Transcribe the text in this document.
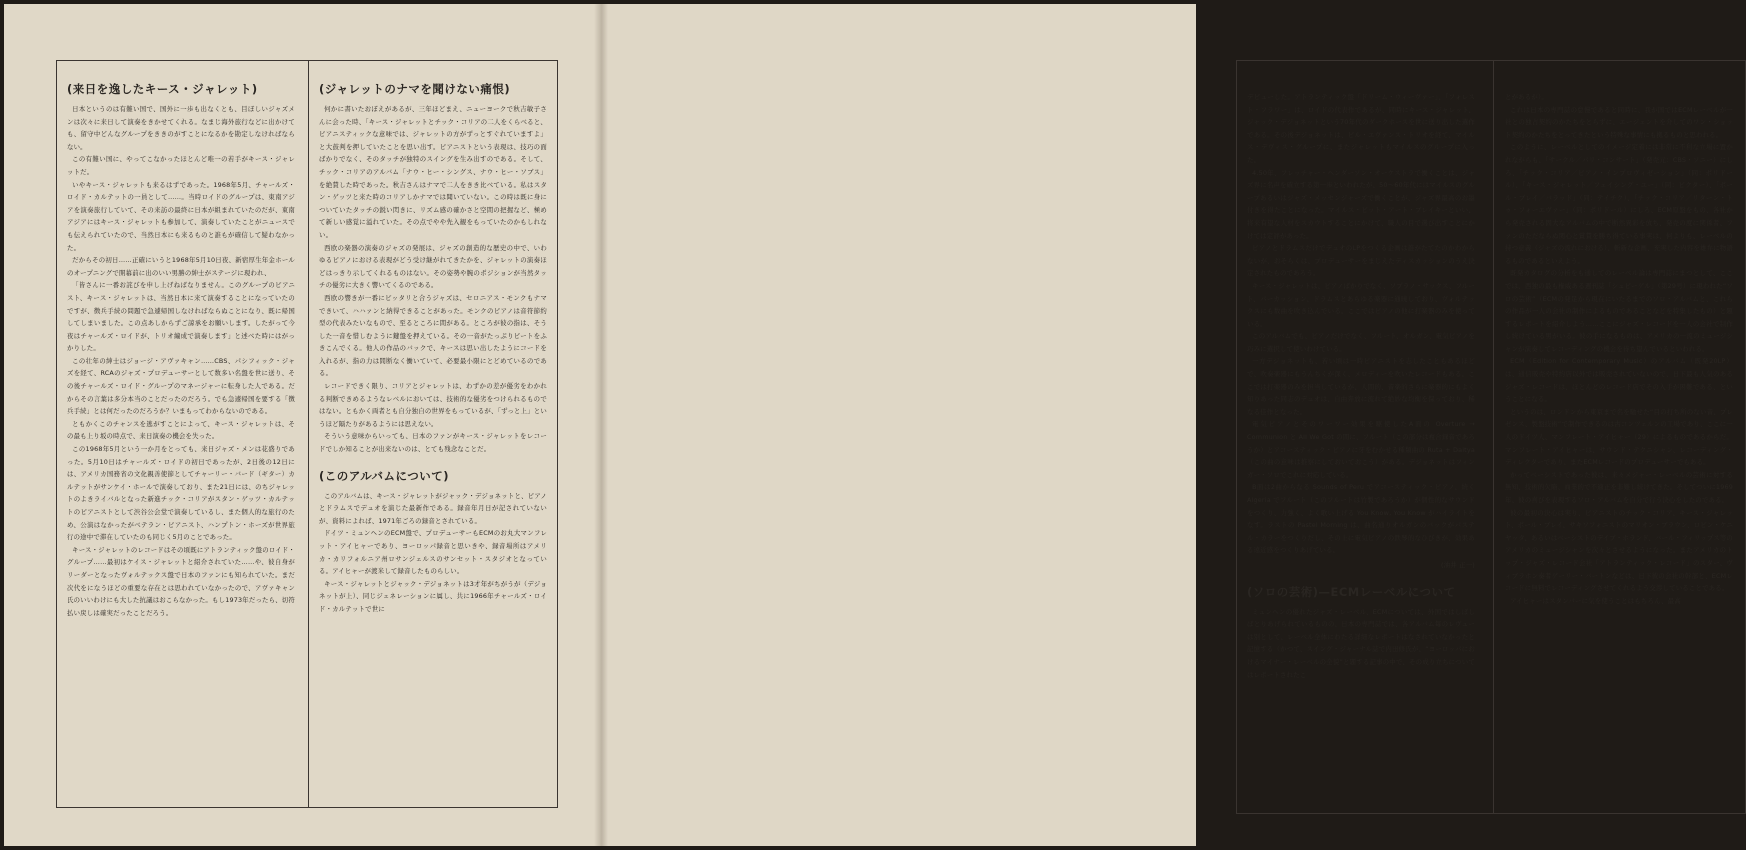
(来日を逸したキース・ジャレット)

日本というのは有難い国で、国外に一歩も出なくとも、目ぼしいジャズメンは次々に来日して演奏をきかせてくれる。なまじ海外旅行などに出かけても、留守中どんなグループをききのがすことになるかを勘定しなければならない。

この有難い国に、やってこなかったほとんど唯一の若手がキース・ジャレットだ。

いやキース・ジャレットも来るはずであった。1968年5月、チャールズ・ロイド・カルテットの一員として……。当時ロイドのグループは、東南アジアを演奏旅行していて、その来訪の最終に日本が組まれていたのだが、東南アジアにはキース・ジャレットも参加して、演奏していたことがニュースでも伝えられていたので、当然日本にも来るものと誰もが確信して疑わなかった。

だからその初日……正確にいうと1968年5月10日夜、新宿厚生年金ホールのオープニングで開幕前に出のいい男勝の紳士がステージに現われ、

「皆さんに一番お詫びを申し上げねばなりません。このグループのピアニスト、キース・ジャレットは、当然日本に来て演奏することになっていたのですが、徴兵手続の問題で急遽帰国しなければならぬことになり、既に帰国してしまいました。この点あしからずご諒承をお願いします。したがって今夜はチャールズ・ロイドが、トリオ編成で演奏します」と述べた時にはがっかりした。

この壮年の紳士はジョージ・アヴァキャン……CBS、パシフィック・ジャズを経て、RCAのジャズ・プロデューサーとして数多い名盤を世に送り、その後チャールズ・ロイド・グループのマネージャーに転身した人である。だからその言葉は多分本当のことだったのだろう。でも急遽帰国を要する「徴兵手続」とは何だったのだろうか？いまもってわからないのである。

ともかくこのチャンスを逃がすことによって、キース・ジャレットは、その最も上り坂の時点で、来日演奏の機会を失った。

この1968年5月という一か月をとっても、来日ジャズ・メンは花盛りであった。5月10日はチャールズ・ロイドの初日であったが、2日後の12日には、アメリカ国務省の文化親善使節としてチャーリー・バード（ギター）カルテットがサンケイ・ホールで演奏しており、また21日には、のちジャレットのよきライバルとなった新進チック・コリアがスタン・ゲッツ・カルテットのピアニストとして渋谷公会堂で演奏しているし、また個人的な旅行のため、公演はなかったがベテラン・ピアニスト、ハンプトン・ホーズが世界旅行の途中で滞在していたのも同じく5月のことであった。

キース・ジャレットのレコードはその頃既にアトランティック盤のロイド・グループ……最初はケイス・ジャレットと紹介されていた……や、彼自身がリーダーとなったヴォルテックス盤で日本のファンにも知られていた。まだ次代をになうほどの重要な存在とは思われていなかったので、アヴァキャン氏のいいわけにも大した抗議はおこらなかった。もし1973年だったら、切符払い戻しは確実だったことだろう。

(ジャレットのナマを聞けない痛恨)

何かに書いたおぼえがあるが、三年ほどまえ、ニューヨークで秋吉敏子さんに会った時、「キース・ジャレットとチック・コリアの二人をくらべると、ピアニスティックな意味では、ジャレットの方がずっとすぐれていますよ」と大鼓判を押していたことを思い出す。ピアニストという表現は、技巧の面ばかりでなく、そのタッチが独特のスイングを生み出すのである。そして、チック・コリアのアルバム「ナウ・ヒー・シングス、ナウ・ヒー・ソブス」を絶賛した時であった。秋吉さんはナマで二人をきき比べている。私はスタン・ゲッツと来た時のコリアしかナマでは聞いていない。この時は既に身についていたタッチの鋭い閃きに、リズム感の確かさと空間の把握など、極めて新しい感覚に溢れていた。その点でやや先入観をもっていたのかもしれない。

西欧の楽器の演奏のジャズの発展は、ジャズの創造的な歴史の中で、いわゆるピアノにおける表現がどう受け継がれてきたかを、ジャレットの演奏ほどはっきり示してくれるものはない。その姿勢や腕のポジションが当然タッチの優劣に大きく響いてくるのである。

西欧の響きが一番にピッタリと合うジャズは、セロニアス・モンクもナマできいて、ハハァンと納得できることがあった。モンクのピアノは音符節約型の代表みたいなもので、至るところに間がある。ところが彼の指は、そうした一音を惜しむように鍵盤を押えている。その一音がたっぷりビートをふきこんでくる。他人の作品のバックで、キースは思い出したようにコードを入れるが、指の力は間断なく働いていて、必要最小限にとどめているのである。

レコードできく限り、コリアとジャレットは、わずかの差が優劣をわかれる判断できめるようなレベルにおいては、技術的な優劣をつけられるものではない。ともかく両者とも自分独自の世界をもっているが、「ずっと上」というほど隔たりがあるようには思えない。

そういう意味からいっても、日本のファンがキース・ジャレットをレコードでしか知ることが出来ないのは、とても残念なことだ。

(このアルバムについて)

このアルバムは、キース・ジャレットがジャック・デジョネットと、ピアノとドラムスでデュオを演じた最新作である。録音年月日が記されていないが、資料によれば、1971年ごろの録音とされている。

ドイツ・ミュンヘンのECM盤で、プロデューサーもECMのお丸大マンフレット・アイヒャーであり、ヨーロッパ録音と思いきや、録音場所はアメリカ・カリフォルニア州ロサンジェルスのサンセット・スタジオとなっている。アイヒャーが渡米して録音したものらしい。

キース・ジャレットとジャック・デジョネットは3才年がちがうが（デジョネットが上）、同じジェネレーションに属し、共に1966年チャールズ・ロイド・カルテットで世に

デビューした。アトランティック盤「ドリーム・ウィーヴァー」、「フォレスト・フラワー」は、ロイドの代表作であるが、同時にキース・ジャレット、ジャック・デジョネットという70年代のダークホースを世に送り出した選作である。その後デジョネットは、ビル・エヴァンス・トリオを経て、マイルス・デヴィス・グループに、またジャレットもマイルスのグループに入った。

4.50年、フレッチャー・ヘンダーソン・オーケストラで働くことは、ジャズ界に名声を確立する第一歩といわれたが、50〜60年代にはマイルスのグループあるいはジャズ・メッセンジャーズで働くことが、ジャズ界最高のお墨付きを得たことになった。マイルス・ビット・アート・ブレイキーといい、将来有望な人材をスカウトすることにかけて、職人の目で選び出すことにかけては定評があった。

ピアノとドラムスだけでデュオのLPをつくる企画は誰がたてたのかわからないが、おそらくは、プロデューサーをまじえたディスカッションのうえ決定されたものであろう。

キース・ジャレットは、ピアノばかりでなく、ソプラノ・サックス、フルート、パーカッション、ドラムスとあらゆる楽器に通暁しており、ヴォルテックスにも数曲を吹き込んでいる。ここではピアノの他に打楽器のみを使っている。

このアルバムでも、ピアノだけでなく、フルート、オルガン、電気ピアノを巧みに選択して使いわけている。

一方デジョネットも、若い頃は一時ピアニストを志したこともあるほどで、吹奏楽器にもうんちくが深く、メロディーを吹いたレコードもある。ここでは打楽器のみを担当しているが、人間的、音楽的さらに楽器的にもよく知りあった同志のデュオは、自由奔放に流れて絶妙な均衡を保っており、稀なる佳作となった。

電気ピアノとそのワーワー効果を駆使したA面の Overture → Communion と All We Got の間に、フルート（この部分は複合録音であろうか）とアコースティック・ピアノに牙をむかせる種類曲の Ruta + Daitya（この曲の意味は推察にしておいておこう）がある。デジョネットはフィンガー・ソロでこれに対応している。

B面は2曲からなる Sounds of Peru でアコースティック・ピアノ、続く Algeria でフルート（このフルートは竹製であろうか）が個性的なサウンドをつくり、力強く、よく歌い上げる You Know, You Know がハイライトをなす。ラストの Pastel Morning は、曲名通りオルガンのバックがパステル・カラーをつくりだし、その上に電気ピアノの鉄琴的なひびきが、効果ある遠近感をつくりあげている。

(油井 正一)
(ソロの芸術)—ECMレーベルについて

ミュンヘンの優れたジャズ・レーベル、ECMについては、外国ではしばしばとりあげられているものの、日本の専門誌では、各アルバム毎のレヴューは別として、レーベル全体にわたる詳細なレポートはなされていなかったと記憶する（かつて、スイング・ジャーナル誌で内田修氏が、“ヨーロッパにおけるマイナー・レーベルの全貌”と題する記事の中で、その成り立ちについてはレポートされたこ

とがあるが）。

これは日本の専門誌の怠慢であると同時に、我が国ではECMレーベルが一社との独占契約のかたちをとらずに、エージェントを介してのワン・ショット契約のかたちをとってきたという特殊な事情にも拠るものと思われる。

このように、レーベルとしてのイメージ定着には非常に不利な立場に置かれながらも、「サークル／パリ・コンサート」（発売元：CBS・ソニー）にしろ、「チック・コリア／ピアノ・インプロヴィゼーション」（同：ポリドール）、「キース・ジャレット／フェイシング・ユー」（同：ビクター）、「ポール・ブレイ／バラッド」（同：テイチク）、「チック・コリア／リターン・トゥ・フォーエヴァー」（同：ポリドール）にしろ、ECM原盤をもの、各社から発売される固大なアルバムの中で断然異彩を放ち、発売の度に関係者、ファンのただならぬ関心と賞賛を勝ち得ている事実は、何よりも、レーベルの持つ意義（ジャズの流れにおける）、斬新な企画、充実した内容を雄弁に物語るものであるといえよう。

既発カタログの分析をも通してのレーベル論は専門誌にまつとして、ここでは、西独の最も権威ある週刊誌「シュピーゲル」（第29号）に現われた“ソロの芸術”（ECMの発足から現在にいたるまでのソロ・アルバムと、これらの作品が一人の会社の制作によるものであることなどを特集したもの）と題するレポートを紹介しよう……ここにジャズ・レコードを一人の会社で制作し続けている男がいる。彼の手になるものは、アメリカの一流のミュージシャンが演奏してレコーディングの機会を待ち望んでいるといわれる。

ECM（Edition for Contemporary Music）のアルバム（既発20LP）は、通信販売や特約店以外では販売されていないので、日下最も人気のあるジャズ・レコードは、ほとんどのレコード店でその入手が困難である、ということになる。

というのは、ロンドンから東京まで名を馳せた“目の打ち所のない音、プレゼンス、製盤技術”で制作できるのは古コンツェルンの工場であり、ここに一人のドイツ人、マンフレート・アイヒャー（29）によるものであるからだ。マンフレート・アイヒャーは、サウンド・テクニシャン、レコーディング・ディレクターであり、またECMレコードのプロデューサーでもある。

かってベーシストであった彼は、来々メジャー・レーベルの芸術に対する無知、技術的欠陥、商業的で不適正を非難し続けてきた。そしてついに1969年、彼の喜びを表現するソロ・アルバムを自分で行う決心をしたのである。

彼の最初の決心は実り、ピアニストのチック・コリア、キース・ジャレット、ポール・ブレイ、サキソフォニストのマリオン・ブラウン、ロビン・ケニヤッタ、あるいはベーシストのデイブ・ホランド、バール・フィリップス等のアメリカのミュージシャンを次々とさせるようになった。またアメリカのトップ・ジャズ・レコード会社「アトランティック・レコード」のスター、ヴィブラホン奏者ゲーリー・バートンなどは、日下彼の会社の幹部と、ECMレコードに無料でレコーディングさせてくれるよう交渉していることである。

アイヒャーはスタンバーに気を使うことはもちろん、最高
